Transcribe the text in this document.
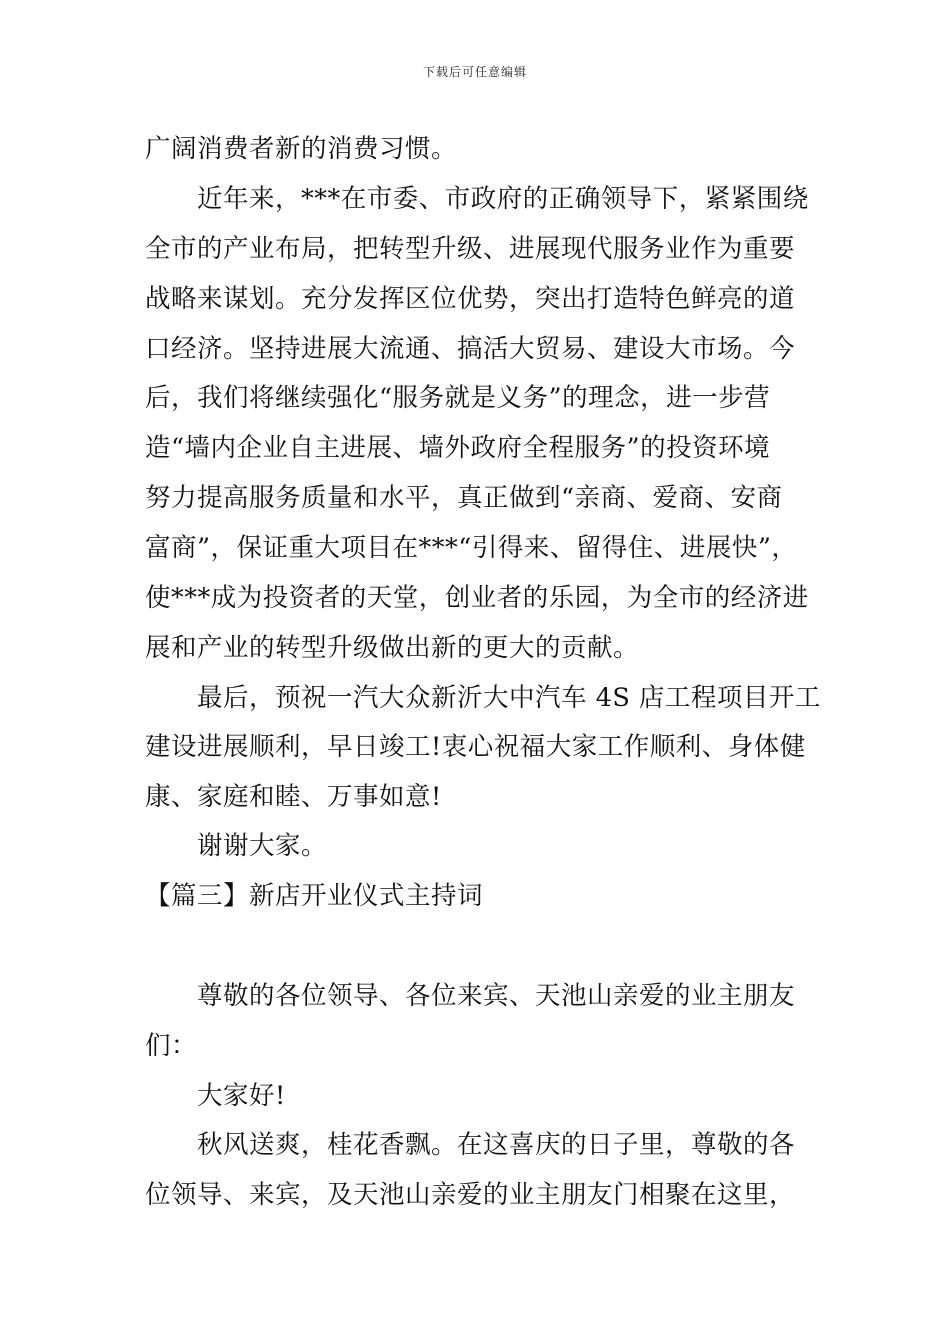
下载后可任意编辑
广阔消费者新的消费习惯。
近年来，***在市委、市政府的正确领导下，紧紧围绕
全市的产业布局，把转型升级、进展现代服务业作为重要
战略来谋划。充分发挥区位优势，突出打造特色鲜亮的道
口经济。坚持进展大流通、搞活大贸易、建设大市场。今
后，我们将继续强化“服务就是义务”的理念，进一步营
造“墙内企业自主进展、墙外政府全程服务”的投资环境
努力提高服务质量和水平，真正做到“亲商、爱商、安商
富商”，保证重大项目在***“引得来、留得住、进展快”，
使***成为投资者的天堂，创业者的乐园，为全市的经济进
展和产业的转型升级做出新的更大的贡献。
最后，预祝一汽大众新沂大中汽车 4S 店工程项目开工
建设进展顺利，早日竣工!衷心祝福大家工作顺利、身体健
康、家庭和睦、万事如意!
谢谢大家。
【篇三】新店开业仪式主持词
尊敬的各位领导、各位来宾、天池山亲爱的业主朋友
们：
大家好!
秋风送爽，桂花香飘。在这喜庆的日子里，尊敬的各
位领导、来宾，及天池山亲爱的业主朋友门相聚在这里，
